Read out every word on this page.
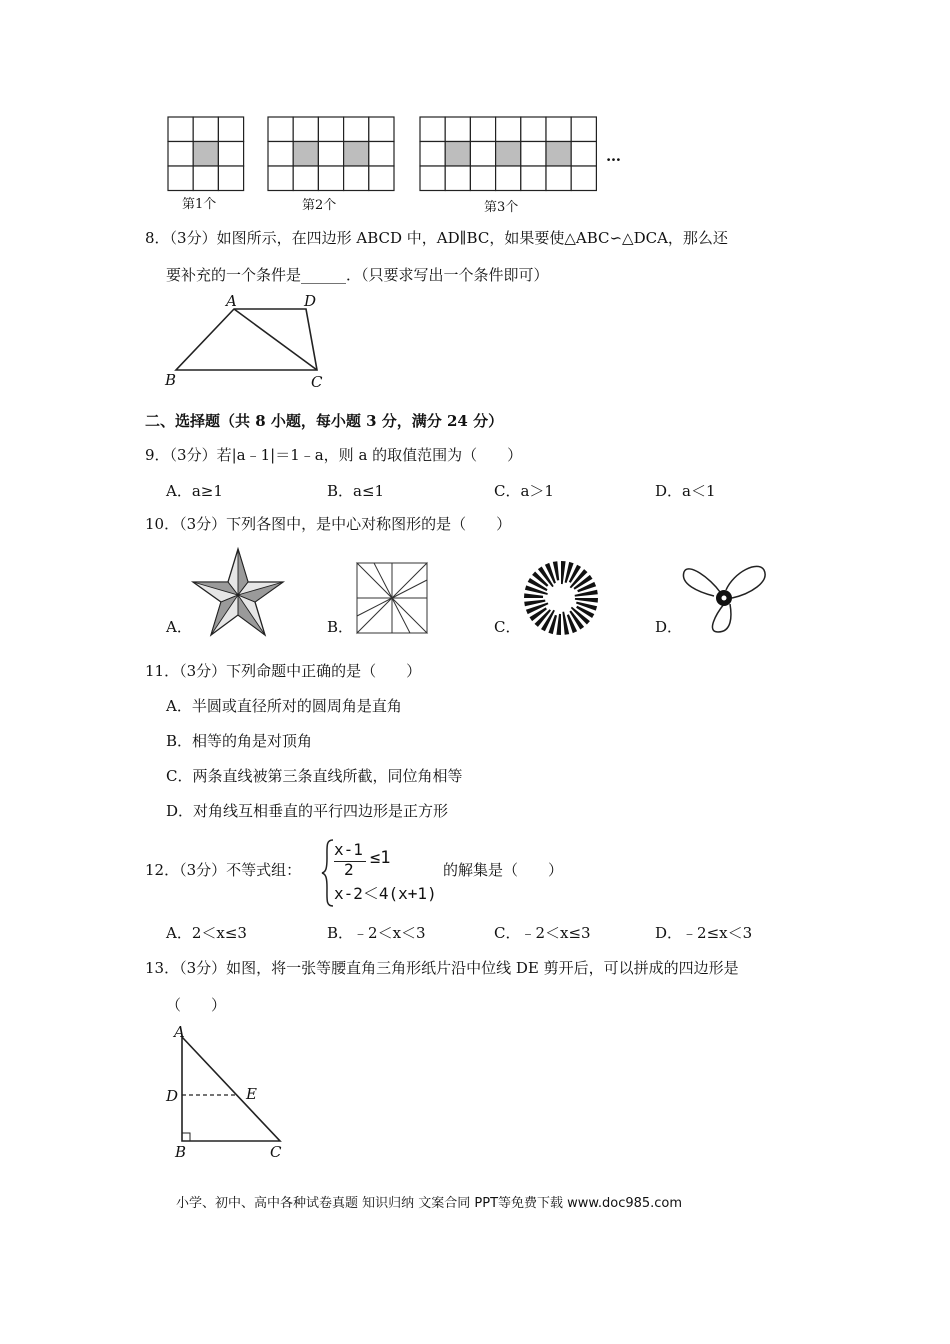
第1个	第2个	第3个
…
8．（3分）如图所示，在四边形 ABCD 中，AD∥BC，如果要使△ABC∽△DCA，那么还
要补充的一个条件是______．（只要求写出一个条件即可）
A	D
B	C
二、选择题（共 8 小题，每小题 3 分，满分 24 分）
9．（3分）若|a﹣1|＝1﹣a，则 a 的取值范围为（　　）
A．a≥1	B．a≤1	C．a＞1	D．a＜1
10．（3分）下列各图中，是中心对称图形的是（　　）
A．	B．	C．	D．
11．（3分）下列命题中正确的是（　　）
A．半圆或直径所对的圆周角是直角
B．相等的角是对顶角
C．两条直线被第三条直线所截，同位角相等
D．对角线互相垂直的平行四边形是正方形
12．（3分）不等式组：
x-1
2
≤1
x-2＜4(x+1)
的解集是（　　）
A．2＜x≤3	B．﹣2＜x＜3	C．﹣2＜x≤3	D．﹣2≤x＜3
13．（3分）如图，将一张等腰直角三角形纸片沿中位线 DE 剪开后，可以拼成的四边形是
（　　）
A
D	E
B	C
小学、初中、高中各种试卷真题 知识归纳 文案合同 PPT等免费下载 www.doc985.com
